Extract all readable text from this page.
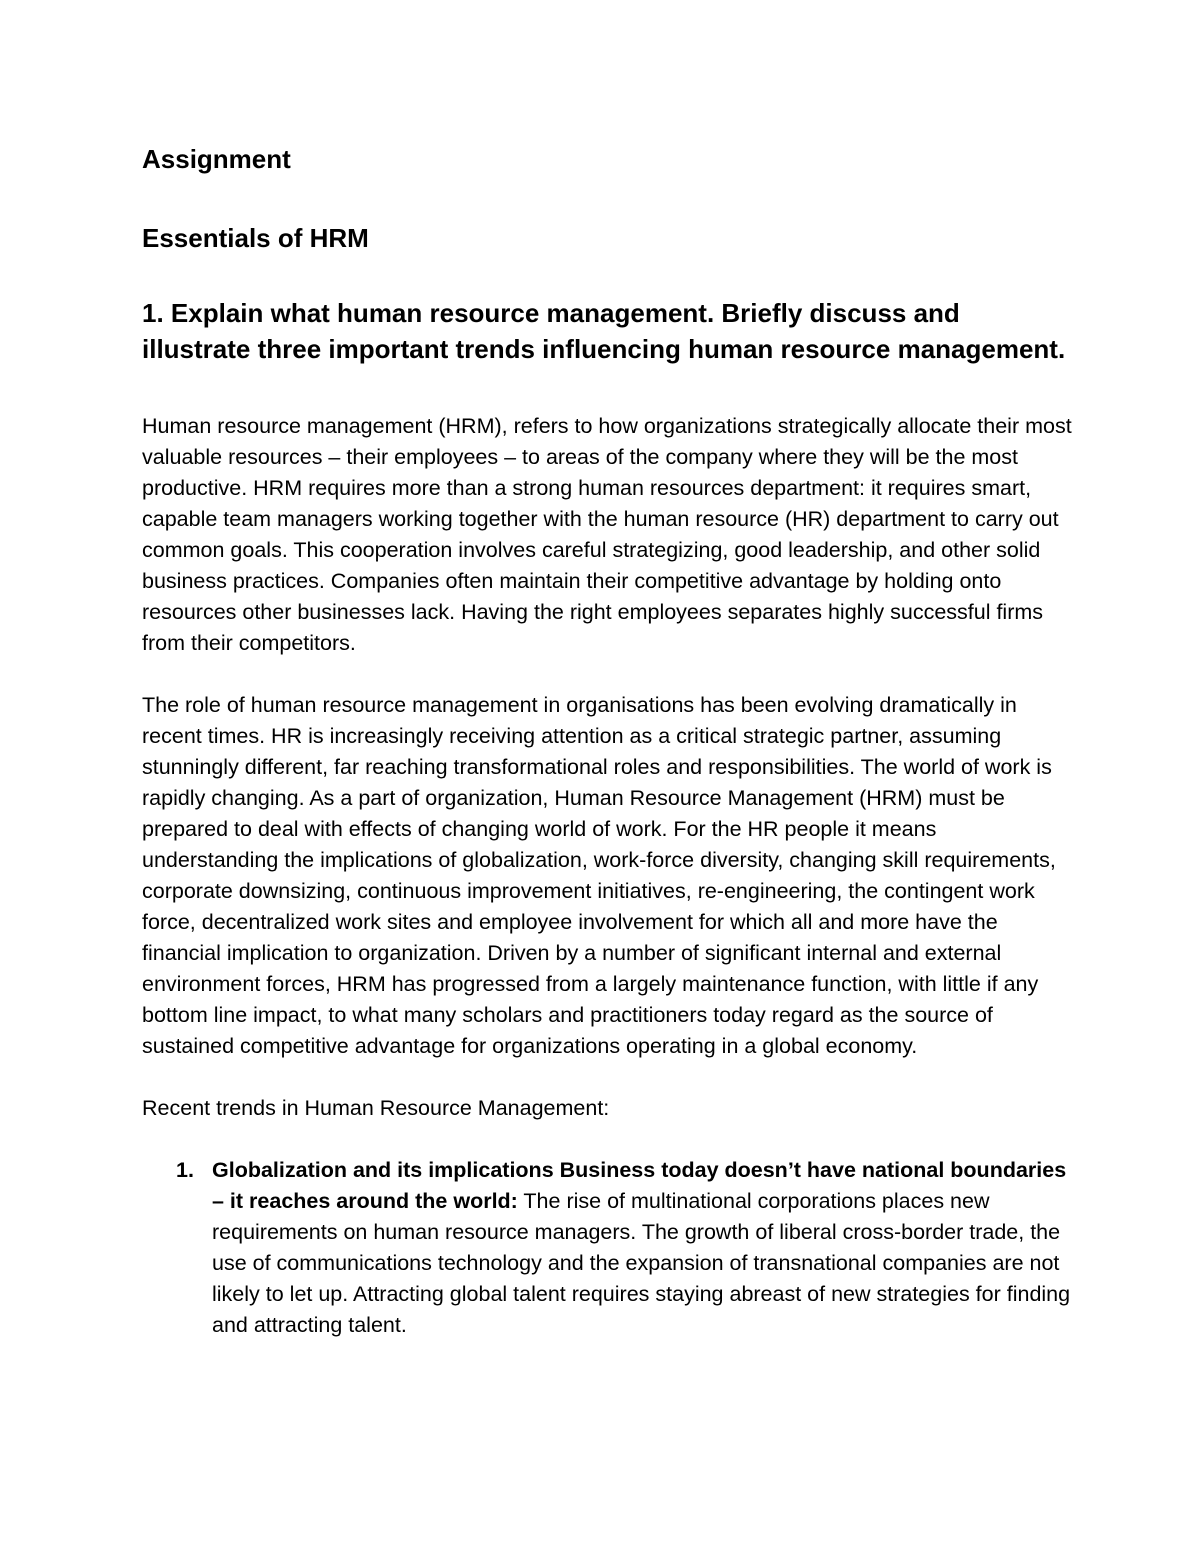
Assignment
Essentials of HRM
1. Explain what human resource management. Briefly discuss and illustrate three important trends influencing human resource management.

Human resource management (HRM), refers to how organizations strategically allocate their most valuable resources – their employees – to areas of the company where they will be the most productive. HRM requires more than a strong human resources department: it requires smart, capable team managers working together with the human resource (HR) department to carry out common goals. This cooperation involves careful strategizing, good leadership, and other solid business practices. Companies often maintain their competitive advantage by holding onto resources other businesses lack. Having the right employees separates highly successful firms from their competitors.

The role of human resource management in organisations has been evolving dramatically in recent times. HR is increasingly receiving attention as a critical strategic partner, assuming stunningly different, far reaching transformational roles and responsibilities. The world of work is rapidly changing. As a part of organization, Human Resource Management (HRM) must be prepared to deal with effects of changing world of work. For the HR people it means understanding the implications of globalization, work-force diversity, changing skill requirements, corporate downsizing, continuous improvement initiatives, re-engineering, the contingent work force, decentralized work sites and employee involvement for which all and more have the financial implication to organization. Driven by a number of significant internal and external environment forces, HRM has progressed from a largely maintenance function, with little if any bottom line impact, to what many scholars and practitioners today regard as the source of sustained competitive advantage for organizations operating in a global economy.

Recent trends in Human Resource Management:

1. Globalization and its implications Business today doesn’t have national boundaries – it reaches around the world: The rise of multinational corporations places new requirements on human resource managers. The growth of liberal cross-border trade, the use of communications technology and the expansion of transnational companies are not likely to let up. Attracting global talent requires staying abreast of new strategies for finding and attracting talent.
